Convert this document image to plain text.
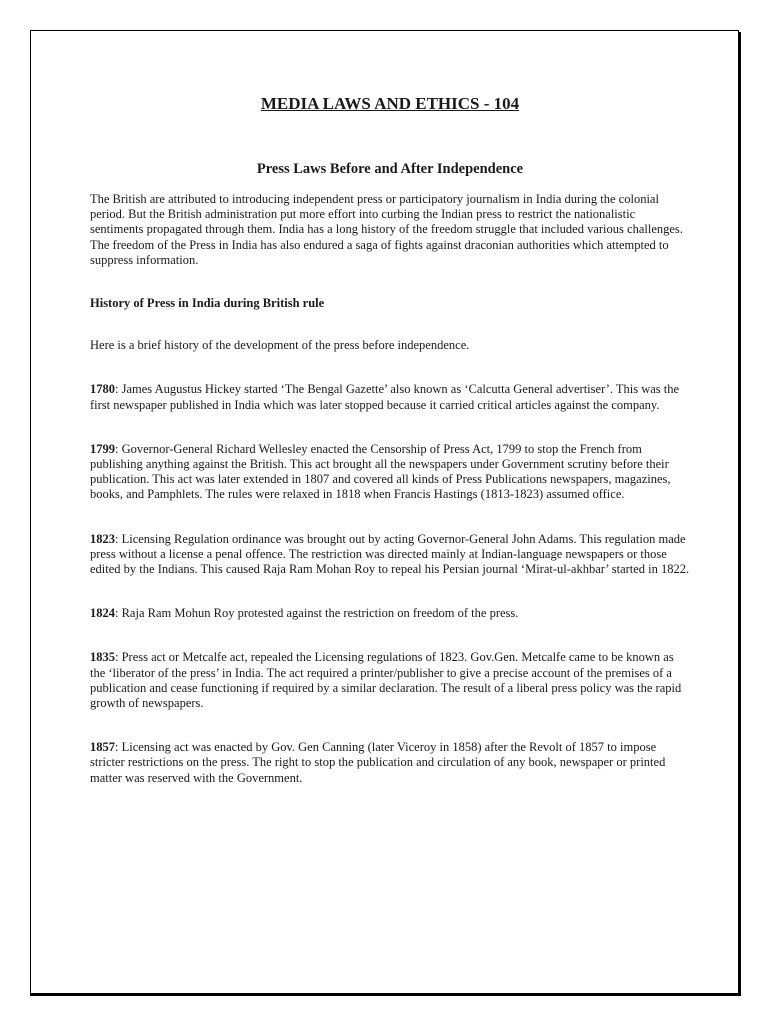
MEDIA LAWS AND ETHICS - 104
Press Laws Before and After Independence

The British are attributed to introducing independent press or participatory journalism in India during the colonial period. But the British administration put more effort into curbing the Indian press to restrict the nationalistic sentiments propagated through them. India has a long history of the freedom struggle that included various challenges. The freedom of the Press in India has also endured a saga of fights against draconian authorities which attempted to suppress information.

History of Press in India during British rule

Here is a brief history of the development of the press before independence.

1780: James Augustus Hickey started ‘The Bengal Gazette’ also known as ‘Calcutta General advertiser’. This was the first newspaper published in India which was later stopped because it carried critical articles against the company.

1799: Governor-General Richard Wellesley enacted the Censorship of Press Act, 1799 to stop the French from publishing anything against the British. This act brought all the newspapers under Government scrutiny before their publication. This act was later extended in 1807 and covered all kinds of Press Publications newspapers, magazines, books, and Pamphlets. The rules were relaxed in 1818 when Francis Hastings (1813-1823) assumed office.

1823: Licensing Regulation ordinance was brought out by acting Governor-General John Adams. This regulation made press without a license a penal offence. The restriction was directed mainly at Indian-language newspapers or those edited by the Indians. This caused Raja Ram Mohan Roy to repeal his Persian journal ‘Mirat-ul-akhbar’ started in 1822.

1824: Raja Ram Mohun Roy protested against the restriction on freedom of the press.

1835: Press act or Metcalfe act, repealed the Licensing regulations of 1823. Gov.Gen. Metcalfe came to be known as the ‘liberator of the press’ in India. The act required a printer/publisher to give a precise account of the premises of a publication and cease functioning if required by a similar declaration. The result of a liberal press policy was the rapid growth of newspapers.

1857: Licensing act was enacted by Gov. Gen Canning (later Viceroy in 1858) after the Revolt of 1857 to impose stricter restrictions on the press. The right to stop the publication and circulation of any book, newspaper or printed matter was reserved with the Government.
